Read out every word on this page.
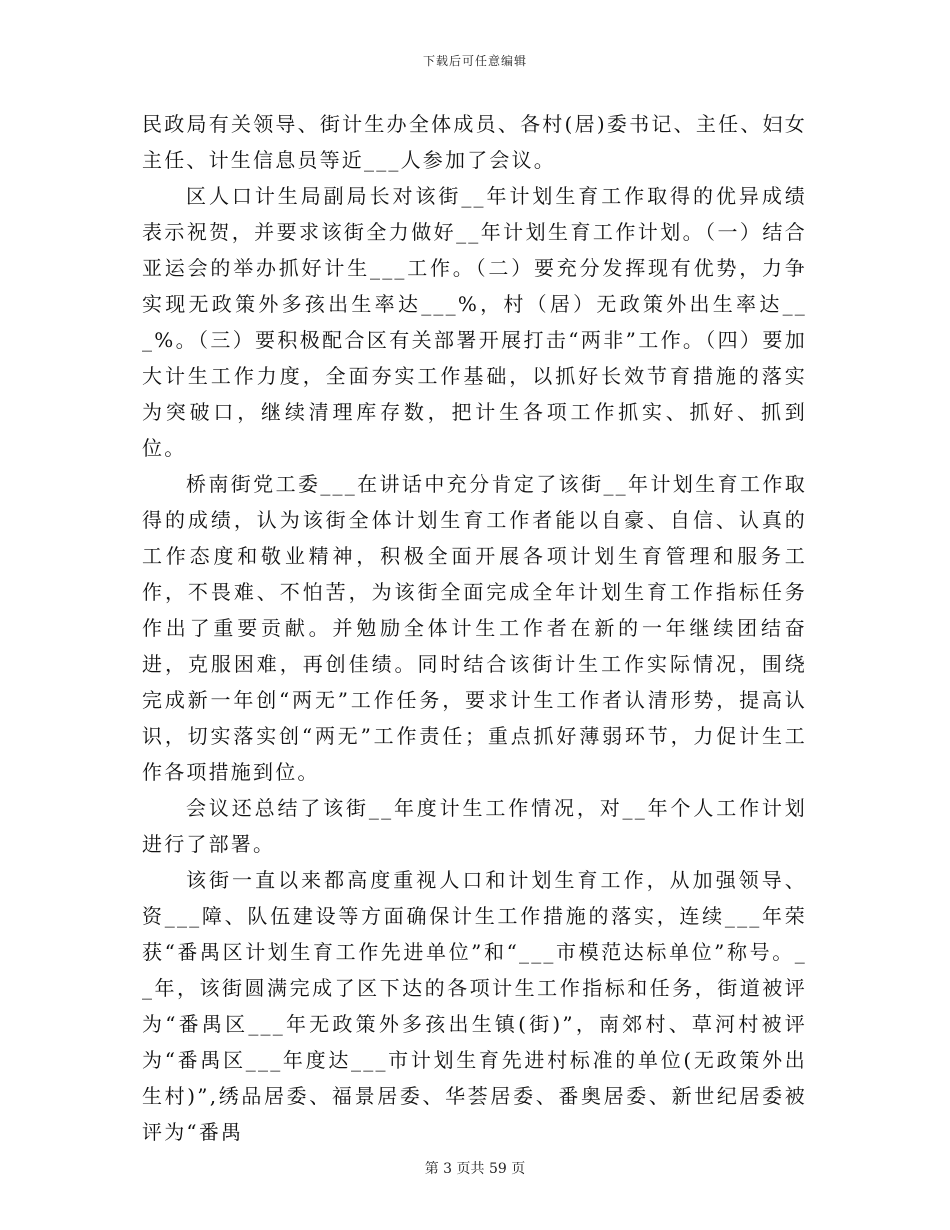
下载后可任意编辑

民政局有关领导、街计生办全体成员、各村(居)委书记、主任、妇女主任、计生信息员等近___人参加了会议。

区人口计生局副局长对该街__年计划生育工作取得的优异成绩表示祝贺，并要求该街全力做好__年计划生育工作计划。（一）结合亚运会的举办抓好计生___工作。（二）要充分发挥现有优势，力争实现无政策外多孩出生率达___%，村（居）无政策外出生率达___%。（三）要积极配合区有关部署开展打击“两非”工作。（四）要加大计生工作力度，全面夯实工作基础，以抓好长效节育措施的落实为突破口，继续清理库存数，把计生各项工作抓实、抓好、抓到位。

桥南街党工委___在讲话中充分肯定了该街__年计划生育工作取得的成绩，认为该街全体计划生育工作者能以自豪、自信、认真的工作态度和敬业精神，积极全面开展各项计划生育管理和服务工作，不畏难、不怕苦，为该街全面完成全年计划生育工作指标任务作出了重要贡献。并勉励全体计生工作者在新的一年继续团结奋进，克服困难，再创佳绩。同时结合该街计生工作实际情况，围绕完成新一年创“两无”工作任务，要求计生工作者认清形势，提高认识，切实落实创“两无”工作责任；重点抓好薄弱环节，力促计生工作各项措施到位。

会议还总结了该街__年度计生工作情况，对__年个人工作计划进行了部署。

该街一直以来都高度重视人口和计划生育工作，从加强领导、资___障、队伍建设等方面确保计生工作措施的落实，连续___年荣获“番禺区计划生育工作先进单位”和“___市模范达标单位”称号。__年，该街圆满完成了区下达的各项计生工作指标和任务，街道被评为“番禺区___年无政策外多孩出生镇(街)”，南郊村、草河村被评为“番禺区___年度达___市计划生育先进村标准的单位(无政策外出生村)”,绣品居委、福景居委、华荟居委、番奥居委、新世纪居委被评为“番禺

第 3 页共 59 页
